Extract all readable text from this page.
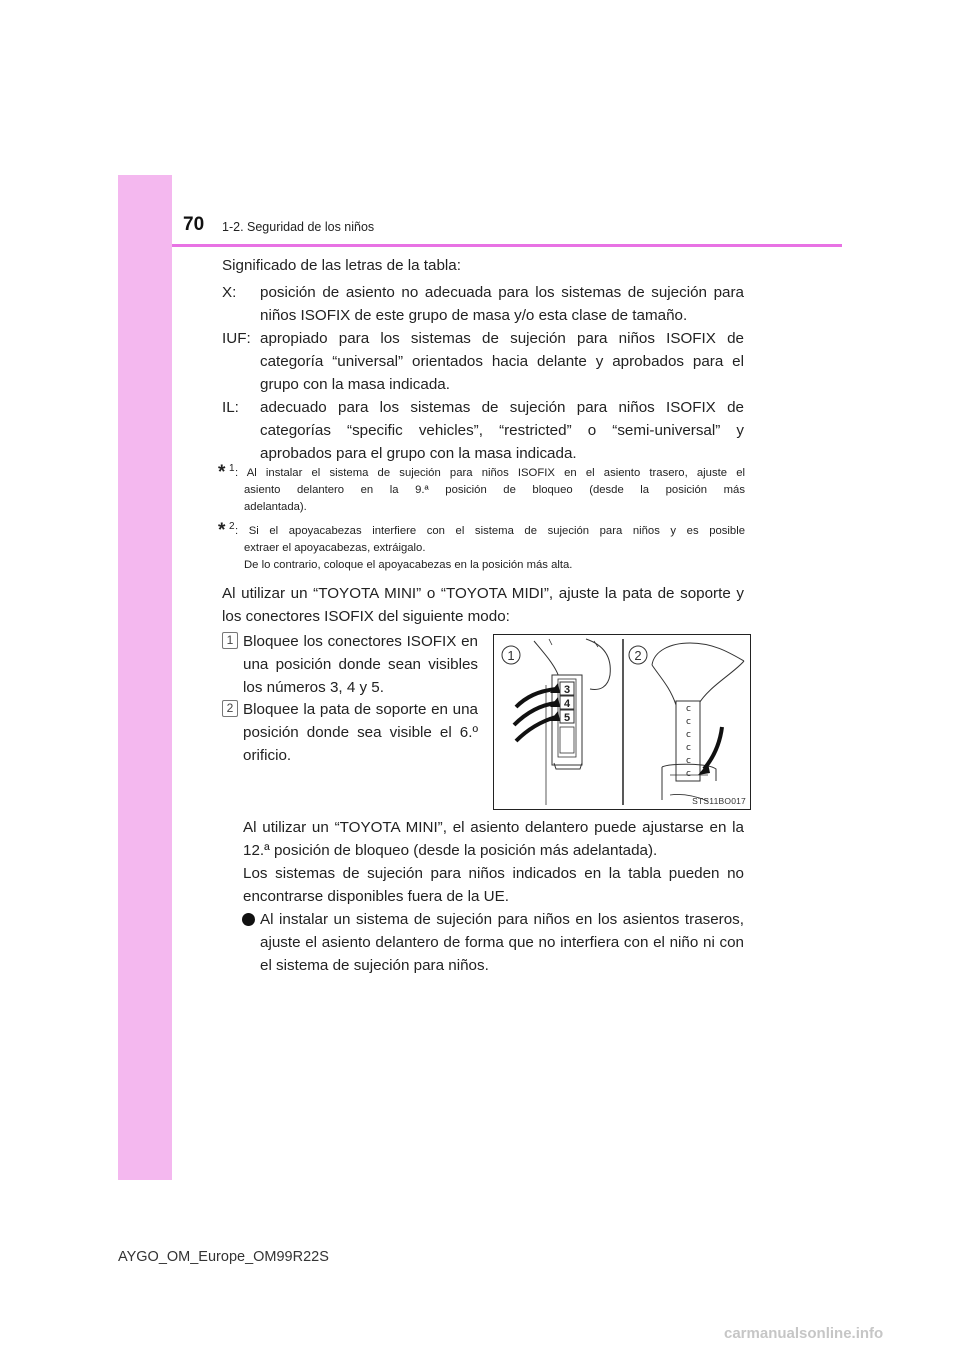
70 1-2. Seguridad de los niños
Significado de las letras de la tabla:
X: posición de asiento no adecuada para los sistemas de sujeción para
niños ISOFIX de este grupo de masa y/o esta clase de tamaño.
IUF: apropiado para los sistemas de sujeción para niños ISOFIX de
categoría “universal” orientados hacia delante y aprobados para el
grupo con la masa indicada.
IL: adecuado para los sistemas de sujeción para niños ISOFIX de
categorías “specific vehicles”, “restricted” o “semi-universal” y
aprobados para el grupo con la masa indicada.
* 1 : Al instalar el sistema de sujeción para niños ISOFIX en el asiento trasero, ajuste el
asiento delantero en la 9.ª posición de bloqueo (desde la posición más
adelantada).
* 2 : Si el apoyacabezas interfiere con el sistema de sujeción para niños y es posible
extraer el apoyacabezas, extráigalo.
De lo contrario, coloque el apoyacabezas en la posición más alta.
Al utilizar un “TOYOTA MINI” o “TOYOTA MIDI”, ajuste la pata de soporte y
los conectores ISOFIX del siguiente modo:
1 Bloquee los conectores ISOFIX en
una posición donde sean visibles
los números 3, 4 y 5.
2 Bloquee la pata de soporte en una
posición donde sea visible el 6.º
orificio.
1	2
3
4
5
c
c
c
c
c
c
STS11BO017
Al utilizar un “TOYOTA MINI”, el asiento delantero puede ajustarse en la
12.ª posición de bloqueo (desde la posición más adelantada).
Los sistemas de sujeción para niños indicados en la tabla pueden no
encontrarse disponibles fuera de la UE.
Al instalar un sistema de sujeción para niños en los asientos traseros,
ajuste el asiento delantero de forma que no interfiera con el niño ni con
el sistema de sujeción para niños.
AYGO_OM_Europe_OM99R22S
carmanualsonline.info
